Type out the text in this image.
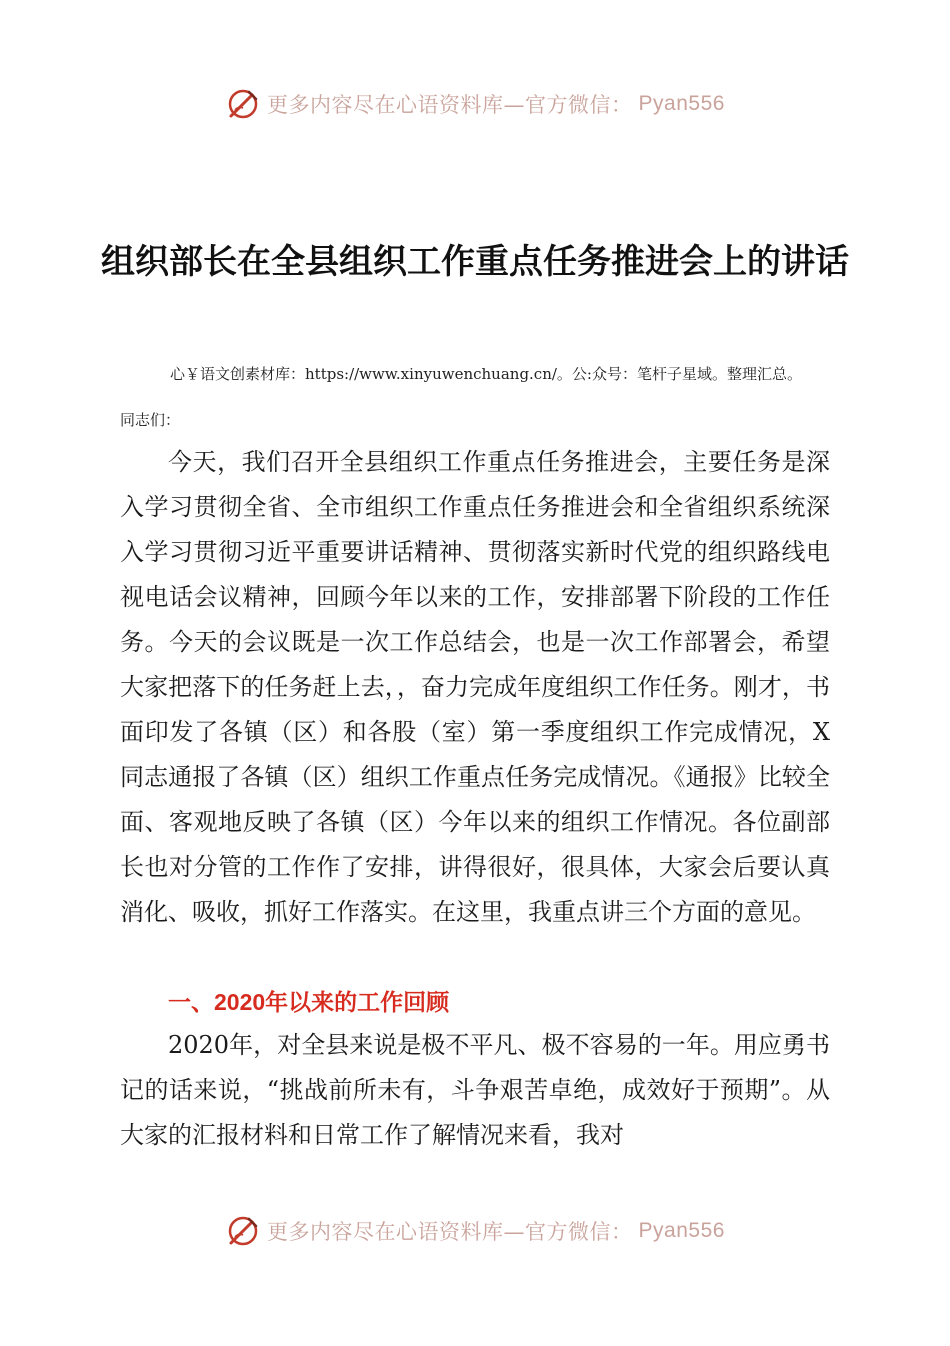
更多内容尽在心语资料库—官方微信： Pyan556
组织部长在全县组织工作重点任务推进会上的讲话
心￥语文创素材库：https://www.xinyuwenchuang.cn/。公:众号：笔杆子星域。整理汇总。
同志们：

今天，我们召开全县组织工作重点任务推进会，主要任务是深入学习贯彻全省、全市组织工作重点任务推进会和全省组织系统深入学习贯彻习近平重要讲话精神、贯彻落实新时代党的组织路线电视电话会议精神，回顾今年以来的工作，安排部署下阶段的工作任务。今天的会议既是一次工作总结会，也是一次工作部署会，希望大家把落下的任务赶上去，，奋力完成年度组织工作任务。刚才，书面印发了各镇（区）和各股（室）第一季度组织工作完成情况，X同志通报了各镇（区）组织工作重点任务完成情况。《通报》比较全面、客观地反映了各镇（区）今年以来的组织工作情况。各位副部长也对分管的工作作了安排，讲得很好，很具体，大家会后要认真消化、吸收，抓好工作落实。在这里，我重点讲三个方面的意见。

一、2020年以来的工作回顾

2020年，对全县来说是极不平凡、极不容易的一年。用应勇书记的话来说，“挑战前所未有，斗争艰苦卓绝，成效好于预期”。从大家的汇报材料和日常工作了解情况来看，我对

更多内容尽在心语资料库—官方微信： Pyan556
